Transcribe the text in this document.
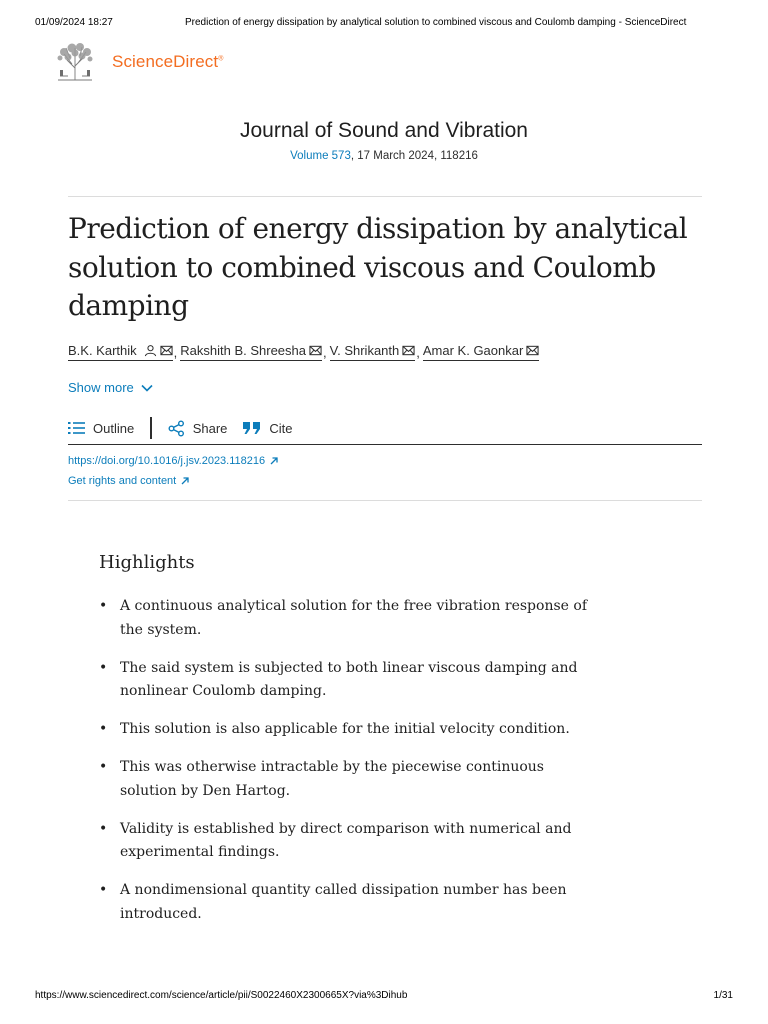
01/09/2024 18:27	Prediction of energy dissipation by analytical solution to combined viscous and Coulomb damping - ScienceDirect
ScienceDirect®
Journal of Sound and Vibration
Volume 573, 17 March 2024, 118216
Prediction of energy dissipation by analytical solution to combined viscous and Coulomb damping
B.K. Karthik	, Rakshith B. Shreesha , V. Shrikanth , Amar K. Gaonkar
Show more
Outline	Share	Cite
https://doi.org/10.1016/j.jsv.2023.118216
Get rights and content
Highlights
• A continuous analytical solution for the free vibration response of the system.
• The said system is subjected to both linear viscous damping and nonlinear Coulomb damping.
• This solution is also applicable for the initial velocity condition.
• This was otherwise intractable by the piecewise continuous solution by Den Hartog.
• Validity is established by direct comparison with numerical and experimental findings.
• A nondimensional quantity called dissipation number has been introduced.
https://www.sciencedirect.com/science/article/pii/S0022460X2300665X?via%3Dihub	1/31
